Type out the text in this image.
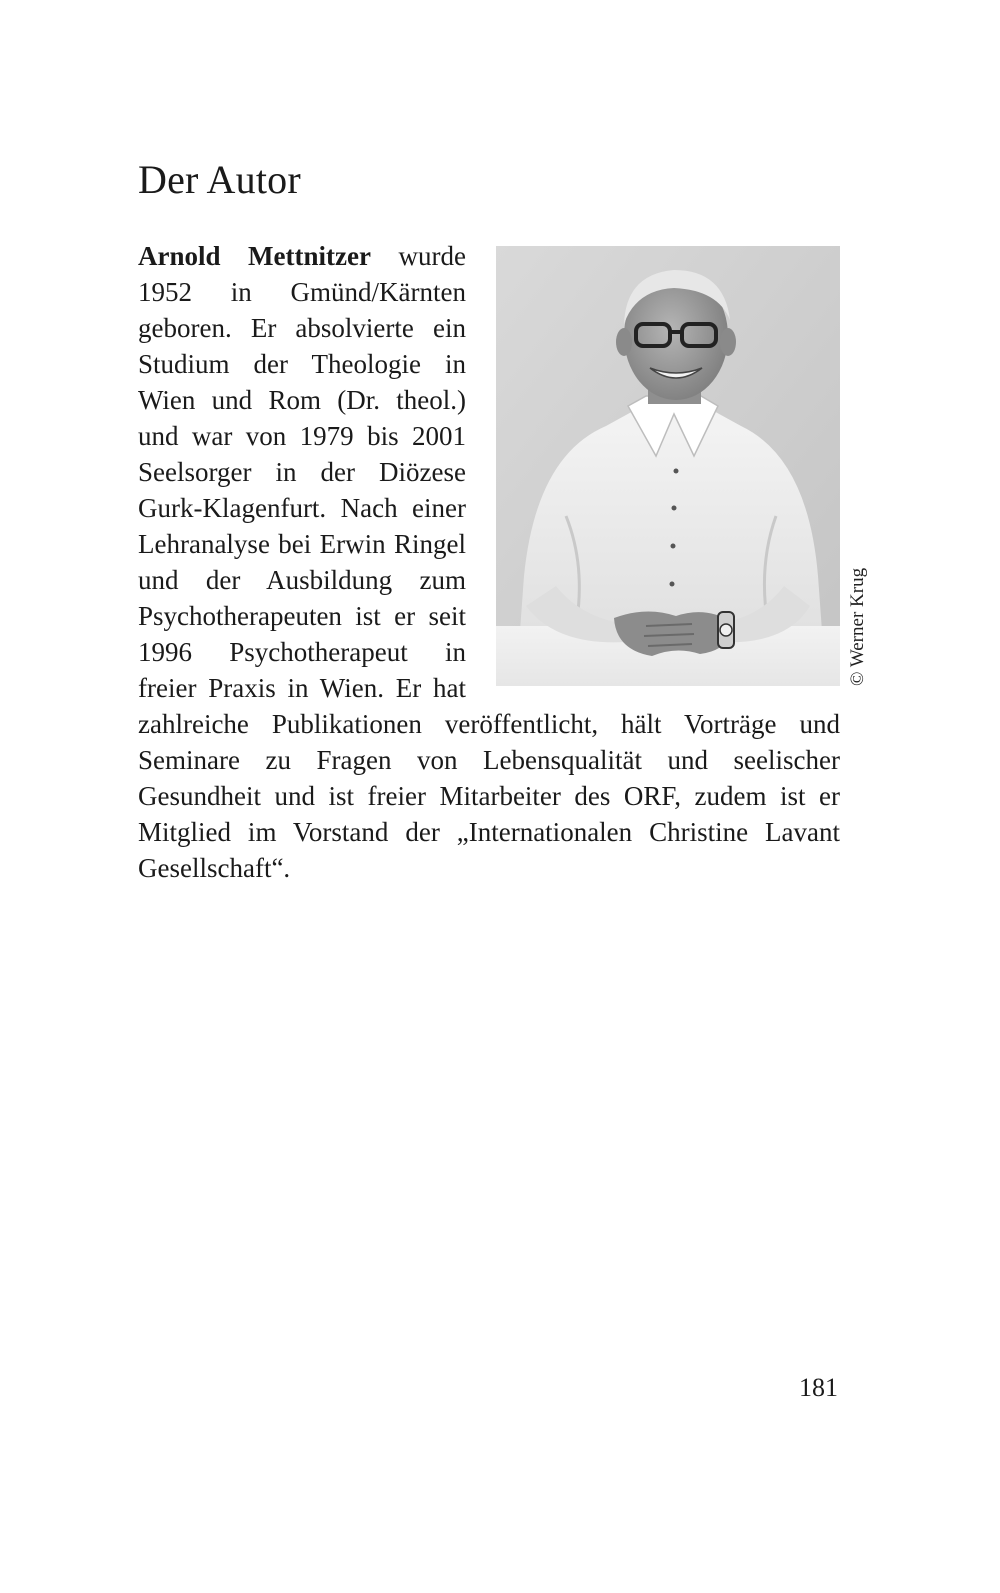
Der Autor
Arnold Mettnitzer wurde 1952 in Gmünd/Kärnten geboren. Er absolvierte ein Studium der Theologie in Wien und Rom (Dr. theol.) und war von 1979 bis 2001 Seelsorger in der Diözese Gurk-Klagenfurt. Nach einer Lehranalyse bei Erwin Ringel und der Ausbildung zum Psychotherapeuten ist er seit 1996 Psychotherapeut in freier Praxis in Wien. Er hat zahlreiche Publikationen veröffentlicht, hält Vorträge und Seminare zu Fragen von Lebensqualität und seelischer Gesundheit und ist freier Mitarbeiter des ORF, zudem ist er Mitglied im Vorstand der „Internationalen Christine Lavant Gesellschaft“.
© Werner Krug
181
